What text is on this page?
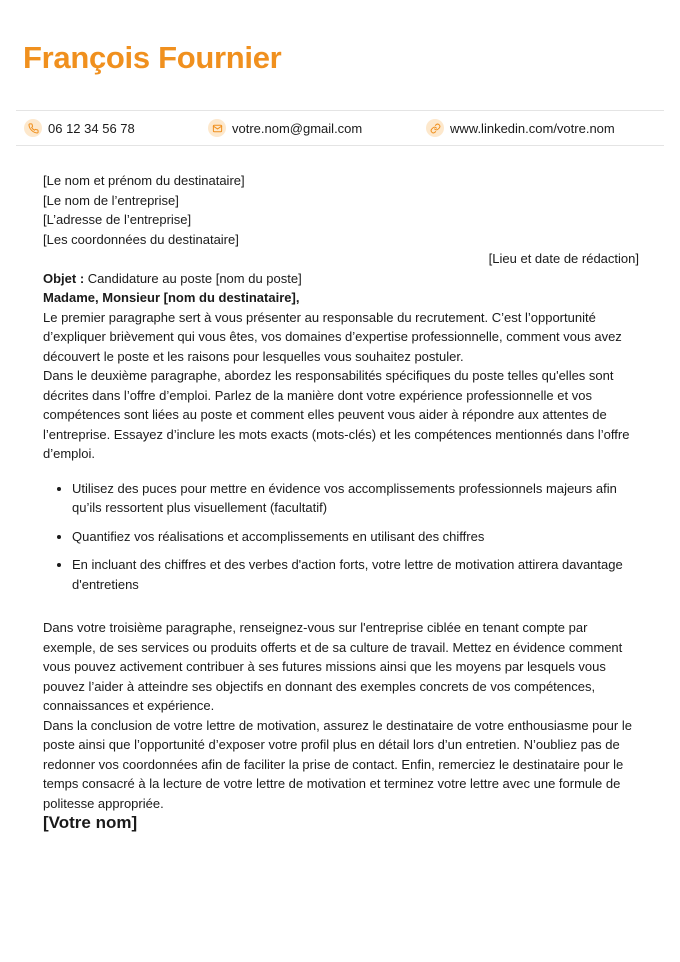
François Fournier
06 12 34 56 78	votre.nom@gmail.com	www.linkedin.com/votre.nom

[Le nom et prénom du destinataire]

[Le nom de l’entreprise]

[L’adresse de l’entreprise]

[Les coordonnées du destinataire]

[Lieu et date de rédaction]

Objet : Candidature au poste [nom du poste]

Madame, Monsieur [nom du destinataire],

Le premier paragraphe sert à vous présenter au responsable du recrutement. C’est l’opportunité d’expliquer brièvement qui vous êtes, vos domaines d’expertise professionnelle, comment vous avez découvert le poste et les raisons pour lesquelles vous souhaitez postuler.

Dans le deuxième paragraphe, abordez les responsabilités spécifiques du poste telles qu'elles sont décrites dans l’offre d’emploi. Parlez de la manière dont votre expérience professionnelle et vos compétences sont liées au poste et comment elles peuvent vous aider à répondre aux attentes de l’entreprise. Essayez d’inclure les mots exacts (mots-clés) et les compétences mentionnés dans l’offre d’emploi.

• Utilisez des puces pour mettre en évidence vos accomplissements professionnels majeurs afin qu’ils ressortent plus visuellement (facultatif)
• Quantifiez vos réalisations et accomplissements en utilisant des chiffres
• En incluant des chiffres et des verbes d'action forts, votre lettre de motivation attirera davantage d'entretiens

Dans votre troisième paragraphe, renseignez-vous sur l'entreprise ciblée en tenant compte par exemple, de ses services ou produits offerts et de sa culture de travail. Mettez en évidence comment vous pouvez activement contribuer à ses futures missions ainsi que les moyens par lesquels vous pouvez l’aider à atteindre ses objectifs en donnant des exemples concrets de vos compétences, connaissances et expérience.

Dans la conclusion de votre lettre de motivation, assurez le destinataire de votre enthousiasme pour le poste ainsi que l’opportunité d’exposer votre profil plus en détail lors d’un entretien. N’oubliez pas de redonner vos coordonnées afin de faciliter la prise de contact. Enfin, remerciez le destinataire pour le temps consacré à la lecture de votre lettre de motivation et terminez votre lettre avec une formule de politesse appropriée.

[Votre nom]
